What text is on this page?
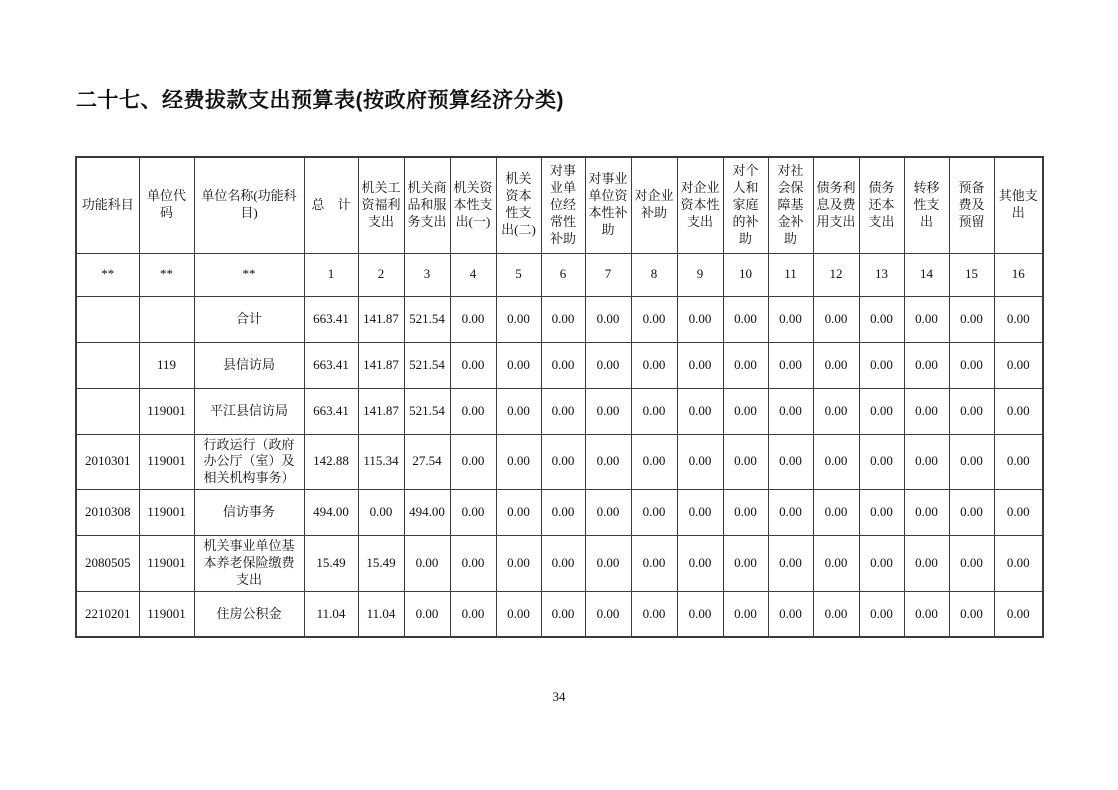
二十七、经费拔款支出预算表(按政府预算经济分类)
功能科目	单位代码	单位名称(功能科目)	总　计	机关工资福利支出	机关商品和服务支出	机关资本性支出(一)	机关资本性支出(二)	对事业单位经常性补助	对事业单位资本性补助	对企业补助	对企业资本性支出	对个人和家庭的补助	对社会保障基金补助	债务利息及费用支出	债务还本支出	转移性支出	预备费及预留	其他支出
**	**	**	1	2	3	4	5	6	7	8	9	10	11	12	13	14	15	16
		合计	663.41	141.87	521.54	0.00	0.00	0.00	0.00	0.00	0.00	0.00	0.00	0.00	0.00	0.00	0.00	0.00
	119	县信访局	663.41	141.87	521.54	0.00	0.00	0.00	0.00	0.00	0.00	0.00	0.00	0.00	0.00	0.00	0.00	0.00
	119001	平江县信访局	663.41	141.87	521.54	0.00	0.00	0.00	0.00	0.00	0.00	0.00	0.00	0.00	0.00	0.00	0.00	0.00
2010301	119001	行政运行（政府办公厅（室）及相关机构事务）	142.88	115.34	27.54	0.00	0.00	0.00	0.00	0.00	0.00	0.00	0.00	0.00	0.00	0.00	0.00	0.00
2010308	119001	信访事务	494.00	0.00	494.00	0.00	0.00	0.00	0.00	0.00	0.00	0.00	0.00	0.00	0.00	0.00	0.00	0.00
2080505	119001	机关事业单位基本养老保险缴费支出	15.49	15.49	0.00	0.00	0.00	0.00	0.00	0.00	0.00	0.00	0.00	0.00	0.00	0.00	0.00	0.00
2210201	119001	住房公积金	11.04	11.04	0.00	0.00	0.00	0.00	0.00	0.00	0.00	0.00	0.00	0.00	0.00	0.00	0.00	0.00
34
